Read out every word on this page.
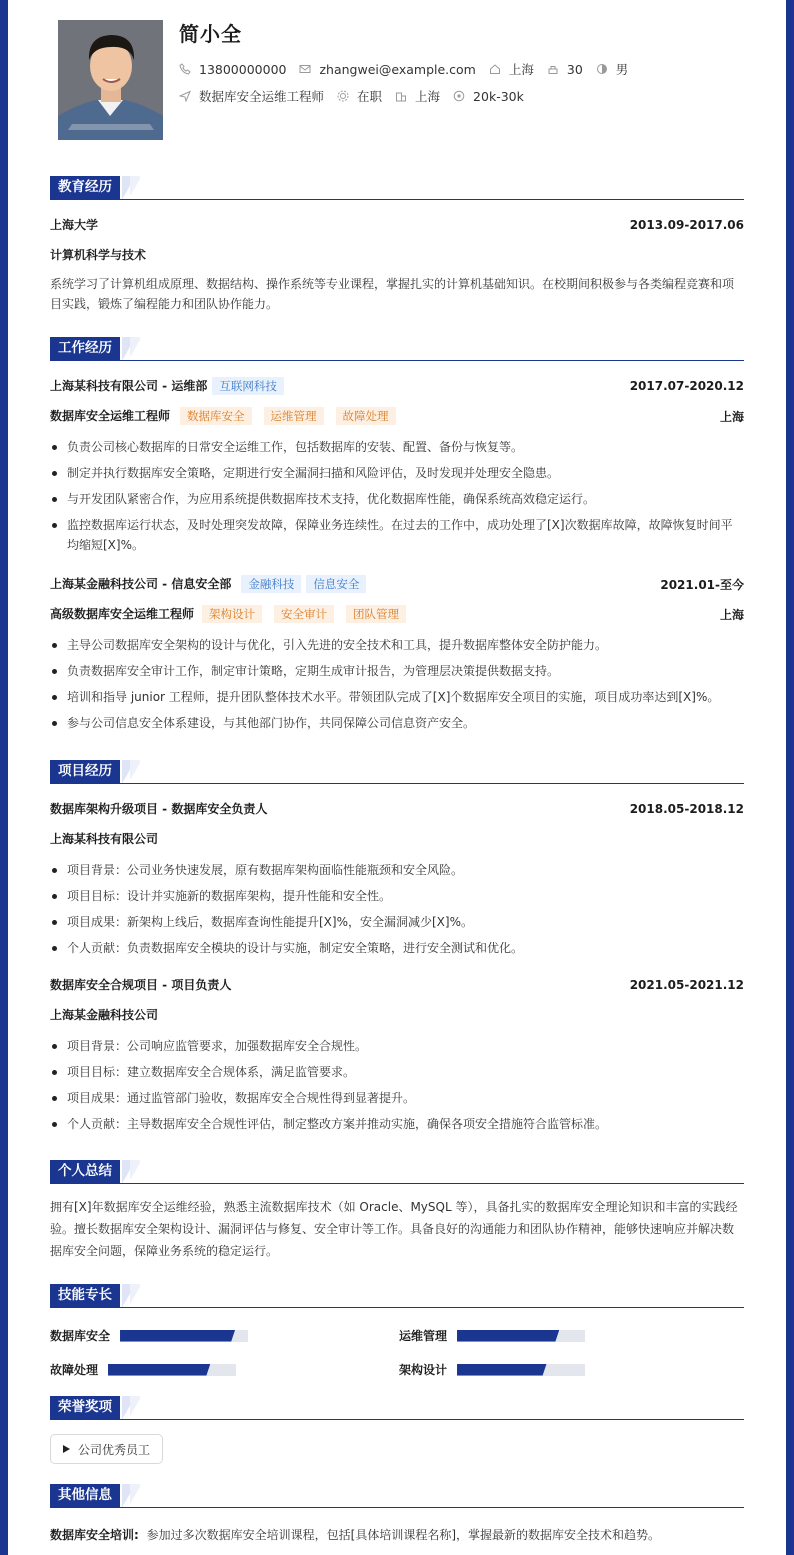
简小全
13800000000	zhangwei@example.com	上海	30	男
数据库安全运维工程师	在职	上海	20k-30k
教育经历
上海大学	2013.09-2017.06
计算机科学与技术
系统学习了计算机组成原理、数据结构、操作系统等专业课程，掌握扎实的计算机基础知识。在校期间积极参与各类编程竞赛和项目实践，锻炼了编程能力和团队协作能力。
工作经历
上海某科技有限公司 - 运维部 互联网科技	2017.07-2020.12
数据库安全运维工程师 数据库安全 运维管理 故障处理	上海
负责公司核心数据库的日常安全运维工作，包括数据库的安装、配置、备份与恢复等。
制定并执行数据库安全策略，定期进行安全漏洞扫描和风险评估，及时发现并处理安全隐患。
与开发团队紧密合作，为应用系统提供数据库技术支持，优化数据库性能，确保系统高效稳定运行。
监控数据库运行状态，及时处理突发故障，保障业务连续性。在过去的工作中，成功处理了[X]次数据库故障，故障恢复时间平均缩短[X]%。
上海某金融科技公司 - 信息安全部 金融科技 信息安全	2021.01-至今
高级数据库安全运维工程师 架构设计 安全审计 团队管理	上海
主导公司数据库安全架构的设计与优化，引入先进的安全技术和工具，提升数据库整体安全防护能力。
负责数据库安全审计工作，制定审计策略，定期生成审计报告，为管理层决策提供数据支持。
培训和指导 junior 工程师，提升团队整体技术水平。带领团队完成了[X]个数据库安全项目的实施，项目成功率达到[X]%。
参与公司信息安全体系建设，与其他部门协作，共同保障公司信息资产安全。
项目经历
数据库架构升级项目 - 数据库安全负责人	2018.05-2018.12
上海某科技有限公司
项目背景：公司业务快速发展，原有数据库架构面临性能瓶颈和安全风险。
项目目标：设计并实施新的数据库架构，提升性能和安全性。
项目成果：新架构上线后，数据库查询性能提升[X]%，安全漏洞减少[X]%。
个人贡献：负责数据库安全模块的设计与实施，制定安全策略，进行安全测试和优化。
数据库安全合规项目 - 项目负责人	2021.05-2021.12
上海某金融科技公司
项目背景：公司响应监管要求，加强数据库安全合规性。
项目目标：建立数据库安全合规体系，满足监管要求。
项目成果：通过监管部门验收，数据库安全合规性得到显著提升。
个人贡献：主导数据库安全合规性评估，制定整改方案并推动实施，确保各项安全措施符合监管标准。
个人总结
拥有[X]年数据库安全运维经验，熟悉主流数据库技术（如 Oracle、MySQL 等），具备扎实的数据库安全理论知识和丰富的实践经验。擅长数据库安全架构设计、漏洞评估与修复、安全审计等工作。具备良好的沟通能力和团队协作精神，能够快速响应并解决数据库安全问题，保障业务系统的稳定运行。
技能专长
数据库安全	运维管理
故障处理	架构设计
荣誉奖项
公司优秀员工
其他信息
数据库安全培训: 参加过多次数据库安全培训课程，包括[具体培训课程名称]，掌握最新的数据库安全技术和趋势。
